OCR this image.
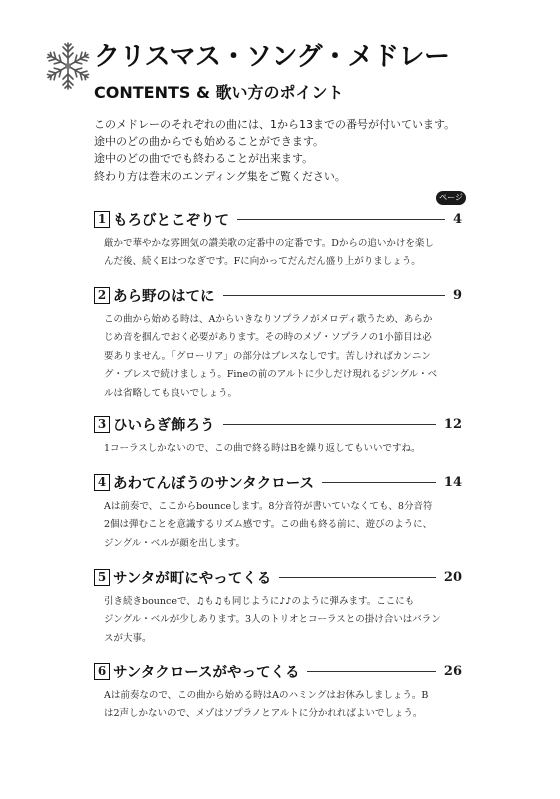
クリスマス・ソング・メドレー
CONTENTS & 歌い方のポイント

このメドレーのそれぞれの曲には、1から13までの番号が付いています。

途中のどの曲からでも始めることができます。

途中のどの曲ででも終わることが出来ます。

終わり方は巻末のエンディング集をご覧ください。

ページ
1 もろびとこぞりて	4

厳かで華やかな雰囲気の讃美歌の定番中の定番です。Dからの追いかけを楽し

んだ後、続くEはつなぎです。Fに向かってだんだん盛り上がりましょう。

2 あら野のはてに	9

この曲から始める時は、Aからいきなりソプラノがメロディ歌うため、あらか

じめ音を掴んでおく必要があります。その時のメゾ・ソプラノの1小節目は必

要ありません。「グローリア」の部分はブレスなしです。苦しければカンニン

グ・ブレスで続けましょう。Fineの前のアルトに少しだけ現れるジングル・ベ

ルは省略しても良いでしょう。

3 ひいらぎ飾ろう	12

1コーラスしかないので、この曲で終る時はBを繰り返してもいいですね。

4 あわてんぼうのサンタクロース	14

Aは前奏で、ここからbounceします。8分音符が書いていなくても、8分音符

2個は弾むことを意識するリズム感です。この曲も終る前に、遊びのように、

ジングル・ベルが顔を出します。

5 サンタが町にやってくる	20

引き続きbounceで、♫も♫も同じように♪♪のように弾みます。ここにも

ジングル・ベルが少しあります。3人のトリオとコーラスとの掛け合いはバラン

スが大事。

6 サンタクロースがやってくる	26

Aは前奏なので、この曲から始める時はAのハミングはお休みしましょう。B

は2声しかないので、メゾはソプラノとアルトに分かれればよいでしょう。
